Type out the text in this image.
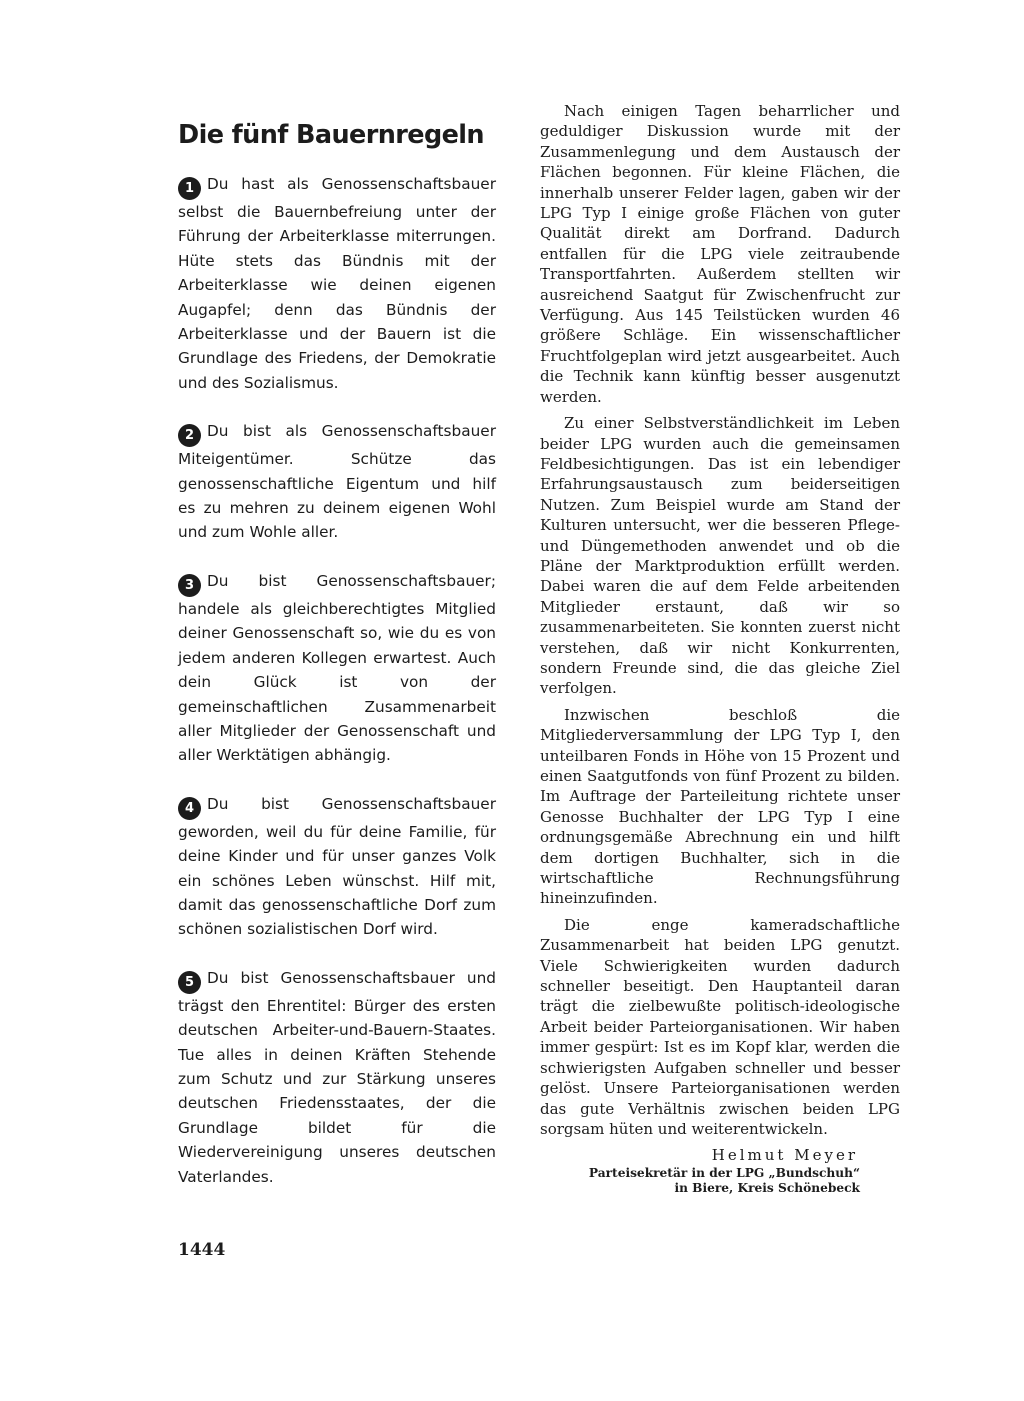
Die fünf Bauernregeln

1 Du hast als Genossenschaftsbauer selbst die Bauernbefreiung unter der Führung der Arbeiterklasse miterrungen. Hüte stets das Bündnis mit der Arbeiterklasse wie deinen eigenen Augapfel; denn das Bündnis der Arbeiterklasse und der Bauern ist die Grundlage des Friedens, der Demokratie und des Sozialismus.

2 Du bist als Genossenschaftsbauer Miteigentümer. Schütze das genossenschaftliche Eigentum und hilf es zu mehren zu deinem eigenen Wohl und zum Wohle aller.

3 Du bist Genossenschaftsbauer; handele als gleichberechtigtes Mitglied deiner Genossenschaft so, wie du es von jedem anderen Kollegen erwartest. Auch dein Glück ist von der gemeinschaftlichen Zusammenarbeit aller Mitglieder der Genossenschaft und aller Werktätigen abhängig.

4 Du bist Genossenschaftsbauer geworden, weil du für deine Familie, für deine Kinder und für unser ganzes Volk ein schönes Leben wünschst. Hilf mit, damit das genossenschaftliche Dorf zum schönen sozialistischen Dorf wird.

5 Du bist Genossenschaftsbauer und trägst den Ehrentitel: Bürger des ersten deutschen Arbeiter-und-Bauern-Staates. Tue alles in deinen Kräften Stehende zum Schutz und zur Stärkung unseres deutschen Friedensstaates, der die Grundlage bildet für die Wiedervereinigung unseres deutschen Vaterlandes.

Nach einigen Tagen beharrlicher und geduldiger Diskussion wurde mit der Zusammenlegung und dem Austausch der Flächen begonnen. Für kleine Flächen, die innerhalb unserer Felder lagen, gaben wir der LPG Typ I einige große Flächen von guter Qualität direkt am Dorfrand. Dadurch entfallen für die LPG viele zeitraubende Transportfahrten. Außerdem stellten wir ausreichend Saatgut für Zwischenfrucht zur Verfügung. Aus 145 Teilstücken wurden 46 größere Schläge. Ein wissenschaftlicher Fruchtfolgeplan wird jetzt ausgearbeitet. Auch die Technik kann künftig besser ausgenutzt werden.

Zu einer Selbstverständlichkeit im Leben beider LPG wurden auch die gemeinsamen Feldbesichtigungen. Das ist ein lebendiger Erfahrungsaustausch zum beiderseitigen Nutzen. Zum Beispiel wurde am Stand der Kulturen untersucht, wer die besseren Pflege- und Düngemethoden anwendet und ob die Pläne der Marktproduktion erfüllt werden. Dabei waren die auf dem Felde arbeitenden Mitglieder erstaunt, daß wir so zusammenarbeiteten. Sie konnten zuerst nicht verstehen, daß wir nicht Konkurrenten, sondern Freunde sind, die das gleiche Ziel verfolgen.

Inzwischen beschloß die Mitgliederversammlung der LPG Typ I, den unteilbaren Fonds in Höhe von 15 Prozent und einen Saatgutfonds von fünf Prozent zu bilden. Im Auftrage der Parteileitung richtete unser Genosse Buchhalter der LPG Typ I eine ordnungsgemäße Abrechnung ein und hilft dem dortigen Buchhalter, sich in die wirtschaftliche Rechnungsführung hineinzufinden.

Die enge kameradschaftliche Zusammenarbeit hat beiden LPG genutzt. Viele Schwierigkeiten wurden dadurch schneller beseitigt. Den Hauptanteil daran trägt die zielbewußte politisch-ideologische Arbeit beider Parteiorganisationen. Wir haben immer gespürt: Ist es im Kopf klar, werden die schwierigsten Aufgaben schneller und besser gelöst. Unsere Parteiorganisationen werden das gute Verhältnis zwischen beiden LPG sorgsam hüten und weiterentwickeln.

Helmut Meyer
Parteisekretär in der LPG „Bundschuh“
in Biere, Kreis Schönebeck
1444
